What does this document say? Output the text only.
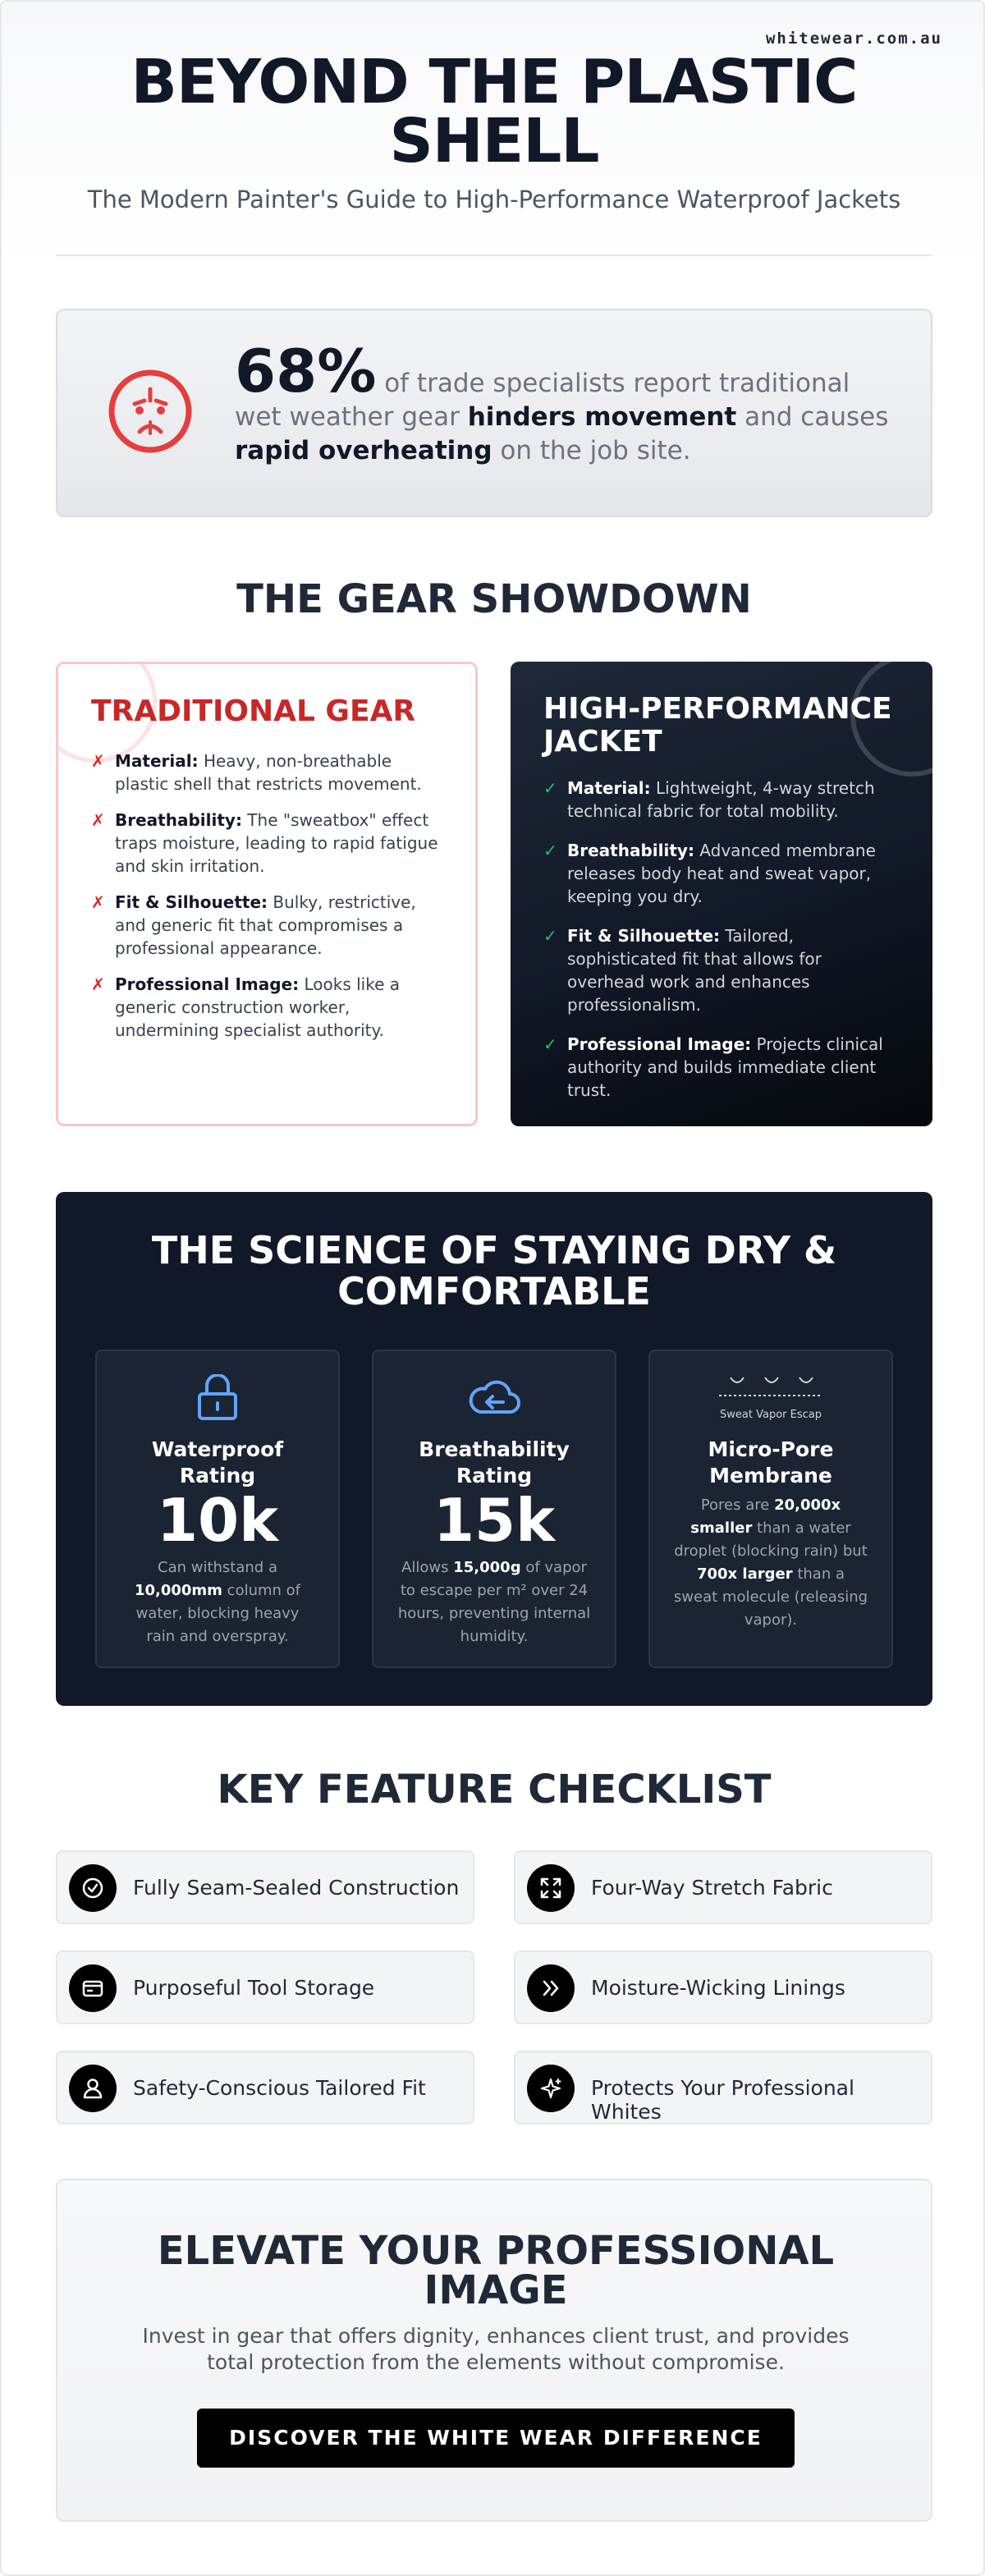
whitewear.com.au
BEYOND THE PLASTIC
SHELL
The Modern Painter's Guide to High-Performance Waterproof Jackets
68% of trade specialists report traditional wet weather gear hinders movement and causes rapid overheating on the job site.
THE GEAR SHOWDOWN
TRADITIONAL GEAR
✗ Material: Heavy, non-breathable plastic shell that restricts movement.
✗ Breathability: The "sweatbox" effect traps moisture, leading to rapid fatigue and skin irritation.
✗ Fit & Silhouette: Bulky, restrictive, and generic fit that compromises a professional appearance.
✗ Professional Image: Looks like a generic construction worker, undermining specialist authority.
HIGH-PERFORMANCE JACKET
✓ Material: Lightweight, 4-way stretch technical fabric for total mobility.
✓ Breathability: Advanced membrane releases body heat and sweat vapor, keeping you dry.
✓ Fit & Silhouette: Tailored, sophisticated fit that allows for overhead work and enhances professionalism.
✓ Professional Image: Projects clinical authority and builds immediate client trust.
THE SCIENCE OF STAYING DRY &
COMFORTABLE
Waterproof
Rating
10k
Can withstand a 10,000mm column of water, blocking heavy rain and overspray.
Breathability
Rating
15k
Allows 15,000g of vapor to escape per m² over 24 hours, preventing internal humidity.
Sweat Vapor Escap
Micro-Pore
Membrane
Pores are 20,000x smaller than a water droplet (blocking rain) but 700x larger than a sweat molecule (releasing vapor).
KEY FEATURE CHECKLIST
Fully Seam-Sealed Construction	Four-Way Stretch Fabric
Purposeful Tool Storage	Moisture-Wicking Linings
Safety-Conscious Tailored Fit	Protects Your Professional Whites
ELEVATE YOUR PROFESSIONAL
IMAGE

Invest in gear that offers dignity, enhances client trust, and provides total protection from the elements without compromise.

DISCOVER THE WHITE WEAR DIFFERENCE
